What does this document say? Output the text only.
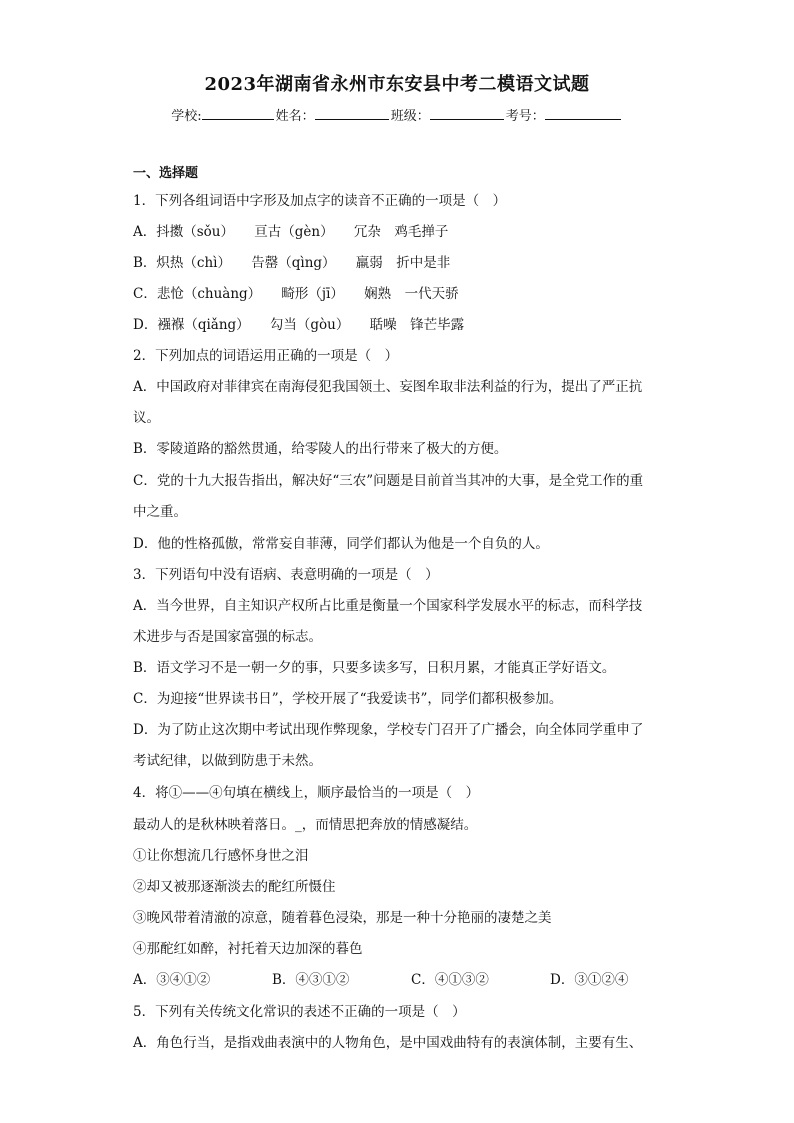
2023年湖南省永州市东安县中考二模语文试题
学校:	姓名：	班级：	考号：
一、选择题
1．下列各组词语中字形及加点字的读音不正确的一项是（　）
A．抖擞（sǒu）　　亘古（gèn）　　冗杂　鸡毛掸子
B．炽热（chì）　　告罄（qìng）　　羸弱　折中是非
C．悲怆（chuàng）　　畸形（jī）　　娴熟　一代天骄
D．襁褓（qiǎng）　　勾当（gòu）　　聒噪　锋芒毕露
2．下列加点的词语运用正确的一项是（　）
A．中国政府对菲律宾在南海侵犯我国领土、妄图牟取非法利益的行为，提出了严正抗
议。
B．零陵道路的豁然贯通，给零陵人的出行带来了极大的方便。
C．党的十九大报告指出，解决好“三农”问题是目前首当其冲的大事，是全党工作的重
中之重。
D．他的性格孤傲，常常妄自菲薄，同学们都认为他是一个自负的人。
3．下列语句中没有语病、表意明确的一项是（　）
A．当今世界，自主知识产权所占比重是衡量一个国家科学发展水平的标志，而科学技
术进步与否是国家富强的标志。
B．语文学习不是一朝一夕的事，只要多读多写，日积月累，才能真正学好语文。
C．为迎接“世界读书日”，学校开展了“我爱读书”，同学们都积极参加。
D．为了防止这次期中考试出现作弊现象，学校专门召开了广播会，向全体同学重申了
考试纪律，以做到防患于未然。
4．将①——④句填在横线上，顺序最恰当的一项是（　）
最动人的是秋林映着落日。_，而情思把奔放的情感凝结。
①让你想流几行感怀身世之泪
②却又被那逐渐淡去的酡红所慑住
③晚风带着清澈的凉意，随着暮色浸染，那是一种十分艳丽的凄楚之美
④那酡红如醉，衬托着天边加深的暮色
A．③④①②	B．④③①②	C．④①③②	D．③①②④
5．下列有关传统文化常识的表述不正确的一项是（　）
A．角色行当，是指戏曲表演中的人物角色，是中国戏曲特有的表演体制，主要有生、
